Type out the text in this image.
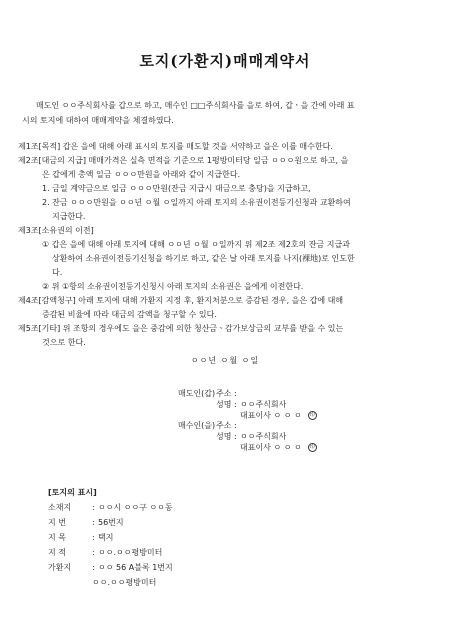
토지(가환지)매매계약서
매도인 ㅇㅇ주식회사를 갑으로 하고, 매수인 □□주식회사를 을로 하여, 갑ㆍ을 간에 아래 표
시의 토지에 대하여 매매계약을 체결하였다.
제1조[목적] 갑은 을에 대해 아래 표시의 토지를 매도할 것을 서약하고 을은 이를 매수한다.
제2조[대금의 지급] 매매가격은 실측 면적을 기준으로 1평방미터당 일금 ㅇㅇㅇ원으로 하고, 을
은 갑에게 총액 일금 ㅇㅇㅇ만원을 아래와 같이 지급한다.
1. 금일 계약금으로 일금 ㅇㅇㅇ만원(잔금 지급시 대금으로 충당)을 지급하고,
2. 잔금 ㅇㅇㅇ만원을 ㅇㅇ년 ㅇ월 ㅇ일까지 아래 토지의 소유권이전등기신청과 교환하여
지급한다.
제3조[소유권의 이전]
① 갑은 을에 대해 아래 토지에 대해 ㅇㅇ년 ㅇ월 ㅇ일까지 위 제2조 제2호의 잔금 지급과
상환하여 소유권이전등기신청을 하기로 하고, 같은 날 아래 토지를 나지(裸地)로 인도한
다.
② 위 ①항의 소유권이전등기신청시 아래 토지의 소유권은 을에게 이전한다.
제4조[감액청구] 아래 토지에 대해 가환지 지정 후, 환지처분으로 증감된 경우, 을은 갑에 대해
증감된 비율에 따라 대금의 감액을 청구할 수 있다.
제5조[기타] 위 조항의 경우에도 을은 중감에 의한 청산금ㆍ감가보상금의 교부를 받을 수 있는
것으로 한다.
ㅇㅇ년 ㅇ월 ㅇ일
매도인(갑)주소 :
성명 : ㅇㅇ주식회사
대표이사 ㅇ ㅇ ㅇ 印
매수인(을)주소 :
성명 : ㅇㅇ주식회사
대표이사 ㅇ ㅇ ㅇ 印
[토지의 표시]
소재지	: ㅇㅇ시 ㅇㅇ구 ㅇㅇ동
지 번	: 56번지
지 목	: 택지
지 적	: ㅇㅇ.ㅇㅇ평방미터
가환지	: ㅇㅇ 56 A블록 1번지
ㅇㅇ.ㅇㅇ평방미터
